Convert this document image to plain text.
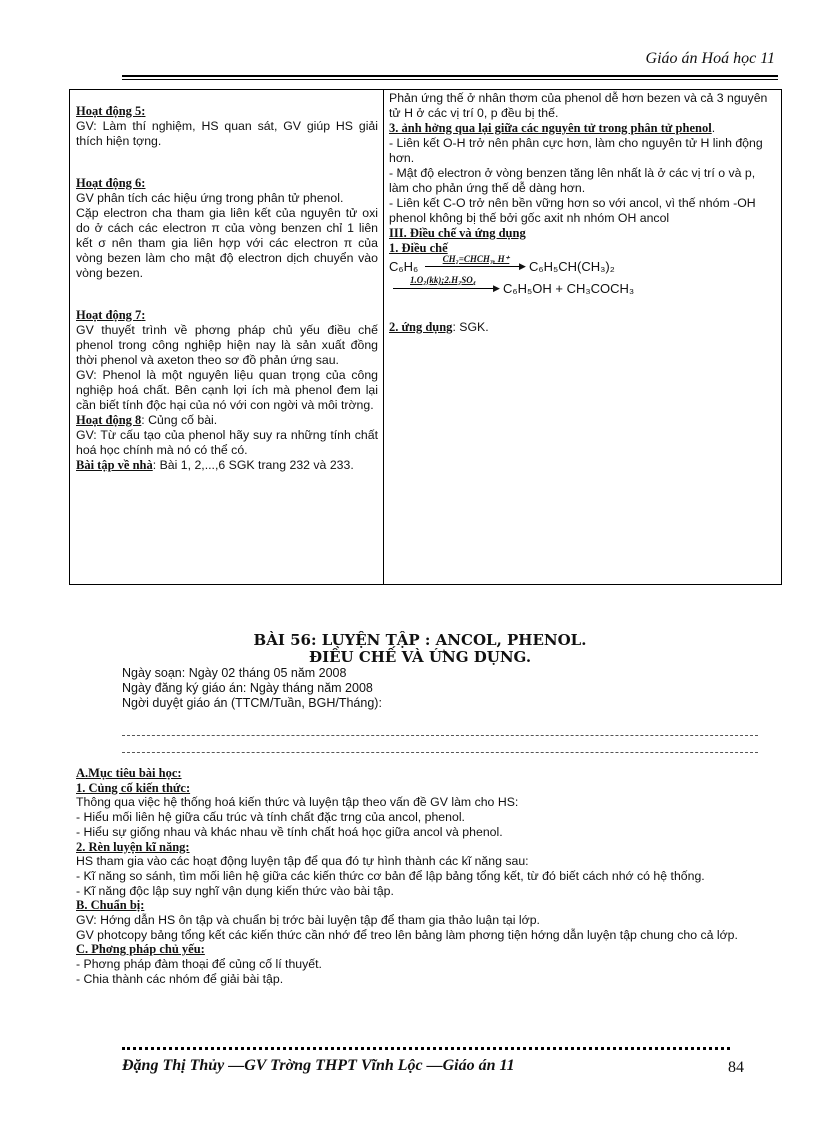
Giáo án Hoá học 11

Hoạt động 5:

GV: Làm thí nghiệm, HS quan sát, GV giúp HS giải thích hiện tợng.

Hoạt động 6:

GV phân tích các hiệu ứng trong phân tử phenol.

Cặp electron cha tham gia liên kết của nguyên tử oxi do ở cách các electron π của vòng benzen chỉ 1 liên kết σ nên tham gia liên hợp với các electron π của vòng bezen làm cho mật độ electron dịch chuyển vào vòng bezen.

Hoạt động 7:

GV thuyết trình về phơng pháp chủ yếu điều chế phenol trong công nghiệp hiện nay là sản xuất đồng thời phenol và axeton theo sơ đồ phản ứng sau.

GV: Phenol là một nguyên liệu quan trọng của công nghiệp hoá chất. Bên cạnh lợi ích mà phenol đem lại cần biết tính độc hại của nó với con ngời và môi trờng.

Hoạt động 8: Củng cố bài.

GV: Từ cấu tạo của phenol hãy suy ra những tính chất hoá học chính mà nó có thể có.

Bài tập về nhà: Bài 1, 2,...,6 SGK trang 232 và 233.

Phản ứng thế ở nhân thơm của phenol dễ hơn bezen và cả 3 nguyên tử H ở các vị trí 0, p đều bị thế.

3. ảnh hởng qua lại giữa các nguyên tử trong phân tử phenol.

- Liên kết O-H trở nên phân cực hơn, làm cho nguyên tử H linh động hơn.

- Mật độ electron ở vòng benzen tăng lên nhất là ở các vị trí o và p, làm cho phản ứng thế dễ dàng hơn.

- Liên kết C-O trở nên bền vững hơn so với ancol, vì thế nhóm -OH phenol không bị thế bởi gốc axit nh nhóm OH ancol

III. Điều chế và ứng dụng

1. Điều chế

C₆H₆	CH₂=CHCH₃, H⁺
▶ C₆H₅CH(CH₃)₂
1.O₂(kk);2.H₂SO₄
▶ C₆H₅OH + CH₃COCH₃

2. ứng dụng: SGK.

BÀI 56: LUYỆN TẬP : ANCOL, PHENOL.
ĐIỀU CHẾ VÀ ỨNG DỤNG.
Ngày soạn: Ngày 02 tháng 05 năm 2008
Ngày đăng ký giáo án: Ngày tháng năm 2008
Ngời duyệt giáo án (TTCM/Tuần, BGH/Tháng):

A.Mục tiêu bài học:

1. Củng cố kiến thức:

Thông qua việc hệ thống hoá kiến thức và luyện tập theo vấn đề GV làm cho HS:

- Hiểu mối liên hệ giữa cấu trúc và tính chất đặc trng của ancol, phenol.

- Hiểu sự giống nhau và khác nhau về tính chất hoá học giữa ancol và phenol.

2. Rèn luyện kĩ năng:

HS tham gia vào các hoạt động luyện tập để qua đó tự hình thành các kĩ năng sau:

- Kĩ năng so sánh, tìm mối liên hệ giữa các kiến thức cơ bản để lập bảng tổng kết, từ đó biết cách nhớ có hệ thống.

- Kĩ năng độc lập suy nghĩ vận dụng kiến thức vào bài tập.

B. Chuẩn bị:

GV: Hớng dẫn HS ôn tập và chuẩn bị trớc bài luyện tập để tham gia thảo luận tại lớp.

GV photcopy bảng tổng kết các kiến thức cần nhớ để treo lên bảng làm phơng tiện hớng dẫn luyện tập chung cho cả lớp.

C. Phơng pháp chủ yếu:

- Phơng pháp đàm thoại để củng cố lí thuyết.

- Chia thành các nhóm để giải bài tập.

Đặng Thị Thủy —GV Trờng THPT Vĩnh Lộc —Giáo án 11	84
